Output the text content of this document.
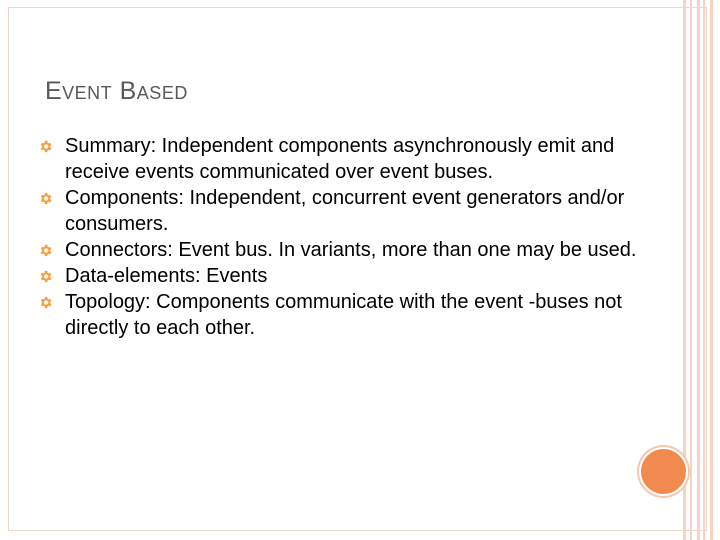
Event Based
Summary: Independent components asynchronously emit and receive events communicated over event buses.
Components: Independent, concurrent event generators and/or consumers.
Connectors: Event bus. In variants, more than one may be used.
Data-elements: Events
Topology: Components communicate with the event -buses not directly to each other.
